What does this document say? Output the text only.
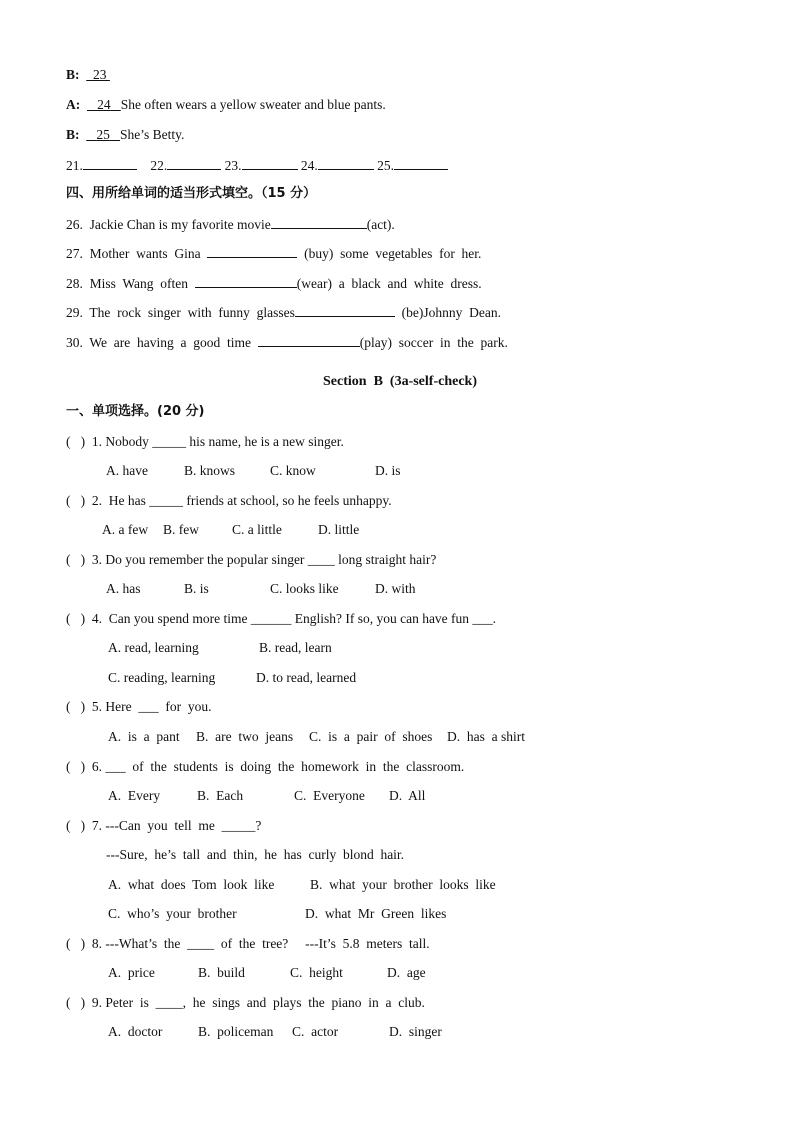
B: 23
A: 24 She often wears a yellow sweater and blue pants.
B: 25 She’s Betty.
21.	22.	23.	24.	25.
四、用所给单词的适当形式填空。（15 分）
26. Jackie Chan is my favorite movie	(act).
27. Mother  wants  Gina	(buy)  some  vegetables  for  her.
28. Miss  Wang  often	(wear)  a  black  and  white  dress.
29. The  rock  singer  with  funny  glasses	(be)Johnny  Dean.
30. We  are  having  a  good  time	(play)  soccer  in  the  park.
Section  B  (3a-self-check)
一、单项选择。(20 分)
(   )  1. Nobody _____ his name, he is a new singer.
A. have	B. knows	C. know	D. is
(   )  2.  He has _____ friends at school, so he feels unhappy.
A. a few B. few C. a little	D. little
(   )  3. Do you remember the popular singer ____ long straight hair?
A. has	B. is	C. looks like	D. with
(   )  4.  Can you spend more time ______ English? If so, you can have fun ___.
A. read, learning	B. read, learn
C. reading, learning	D. to read, learned
(   )  5. Here  ___  for  you.
A.  is  a  pant B.  are  two  jeans C.  is  a  pair  of  shoes D.  has  a shirt
(   )  6. ___  of  the  students  is  doing  the  homework  in  the  classroom.
A.  Every	B.  Each	C.  Everyone D.  All
(   )  7. ---Can  you  tell  me  _____?
---Sure,  he’s  tall  and  thin,  he  has  curly  blond  hair.
A.  what  does  Tom  look  like	B.  what  your  brother  looks  like
C.  who’s  your  brother	D.  what  Mr  Green  likes
(   )  8. ---What’s  the  ____  of  the  tree?     ---It’s  5.8  meters  tall.
A.  price	B.  build	C.  height	D.  age
(   )  9. Peter  is  ____,  he  sings  and  plays  the  piano  in  a  club.
A.  doctor	B.  policeman C.  actor	D.  singer
